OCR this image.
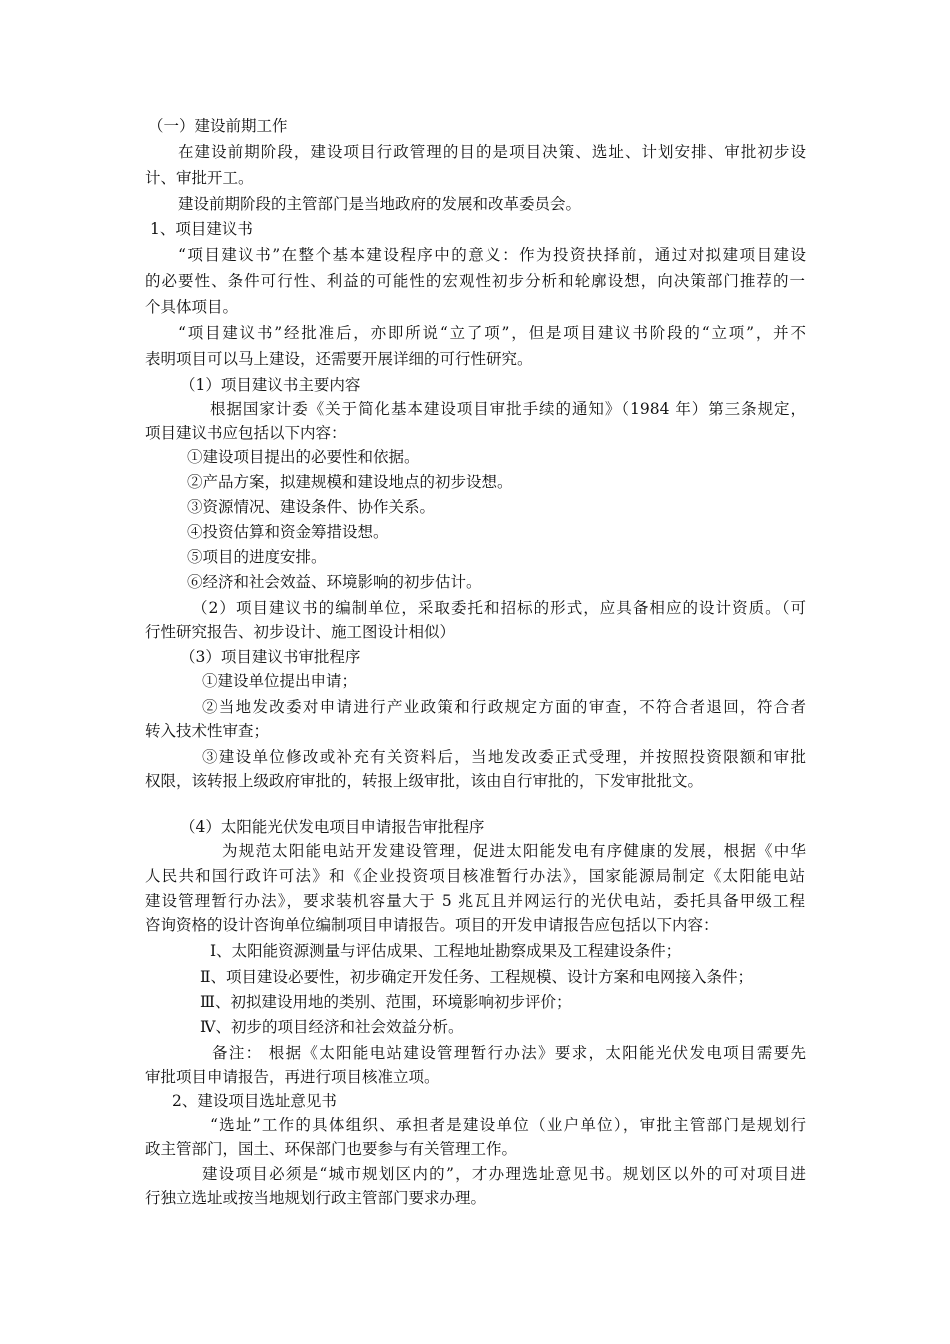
（一）建设前期工作
在建设前期阶段，建设项目行政管理的目的是项目决策、选址、计划安排、审批初步设
计、审批开工。
建设前期阶段的主管部门是当地政府的发展和改革委员会。
1、项目建议书
“项目建议书”在整个基本建设程序中的意义：作为投资抉择前，通过对拟建项目建设
的必要性、条件可行性、利益的可能性的宏观性初步分析和轮廓设想，向决策部门推荐的一
个具体项目。
“项目建议书”经批准后，亦即所说“立了项”，但是项目建议书阶段的“立项”，并不
表明项目可以马上建设，还需要开展详细的可行性研究。
（1）项目建议书主要内容
根据国家计委《关于简化基本建设项目审批手续的通知》（1984 年）第三条规定，
项目建议书应包括以下内容：
①建设项目提出的必要性和依据。
②产品方案，拟建规模和建设地点的初步设想。
③资源情况、建设条件、协作关系。
④投资估算和资金筹措设想。
⑤项目的进度安排。
⑥经济和社会效益、环境影响的初步估计。
（2）项目建议书的编制单位，采取委托和招标的形式，应具备相应的设计资质。（可
行性研究报告、初步设计、施工图设计相似）
（3）项目建议书审批程序
①建设单位提出申请；
②当地发改委对申请进行产业政策和行政规定方面的审查，不符合者退回，符合者
转入技术性审查；
③建设单位修改或补充有关资料后，当地发改委正式受理，并按照投资限额和审批
权限，该转报上级政府审批的，转报上级审批，该由自行审批的，下发审批批文。
（4）太阳能光伏发电项目申请报告审批程序
为规范太阳能电站开发建设管理，促进太阳能发电有序健康的发展，根据《中华
人民共和国行政许可法》和《企业投资项目核准暂行办法》，国家能源局制定《太阳能电站
建设管理暂行办法》，要求装机容量大于 5 兆瓦且并网运行的光伏电站，委托具备甲级工程
咨询资格的设计咨询单位编制项目申请报告。项目的开发申请报告应包括以下内容：
Ⅰ、太阳能资源测量与评估成果、工程地址勘察成果及工程建设条件；
Ⅱ、项目建设必要性，初步确定开发任务、工程规模、设计方案和电网接入条件；
Ⅲ、初拟建设用地的类别、范围，环境影响初步评价；
Ⅳ、初步的项目经济和社会效益分析。
备注： 根据《太阳能电站建设管理暂行办法》要求，太阳能光伏发电项目需要先
审批项目申请报告，再进行项目核准立项。
2、建设项目选址意见书
“选址”工作的具体组织、承担者是建设单位（业户单位），审批主管部门是规划行
政主管部门，国土、环保部门也要参与有关管理工作。
建设项目必须是“城市规划区内的”，才办理选址意见书。规划区以外的可对项目进
行独立选址或按当地规划行政主管部门要求办理。
